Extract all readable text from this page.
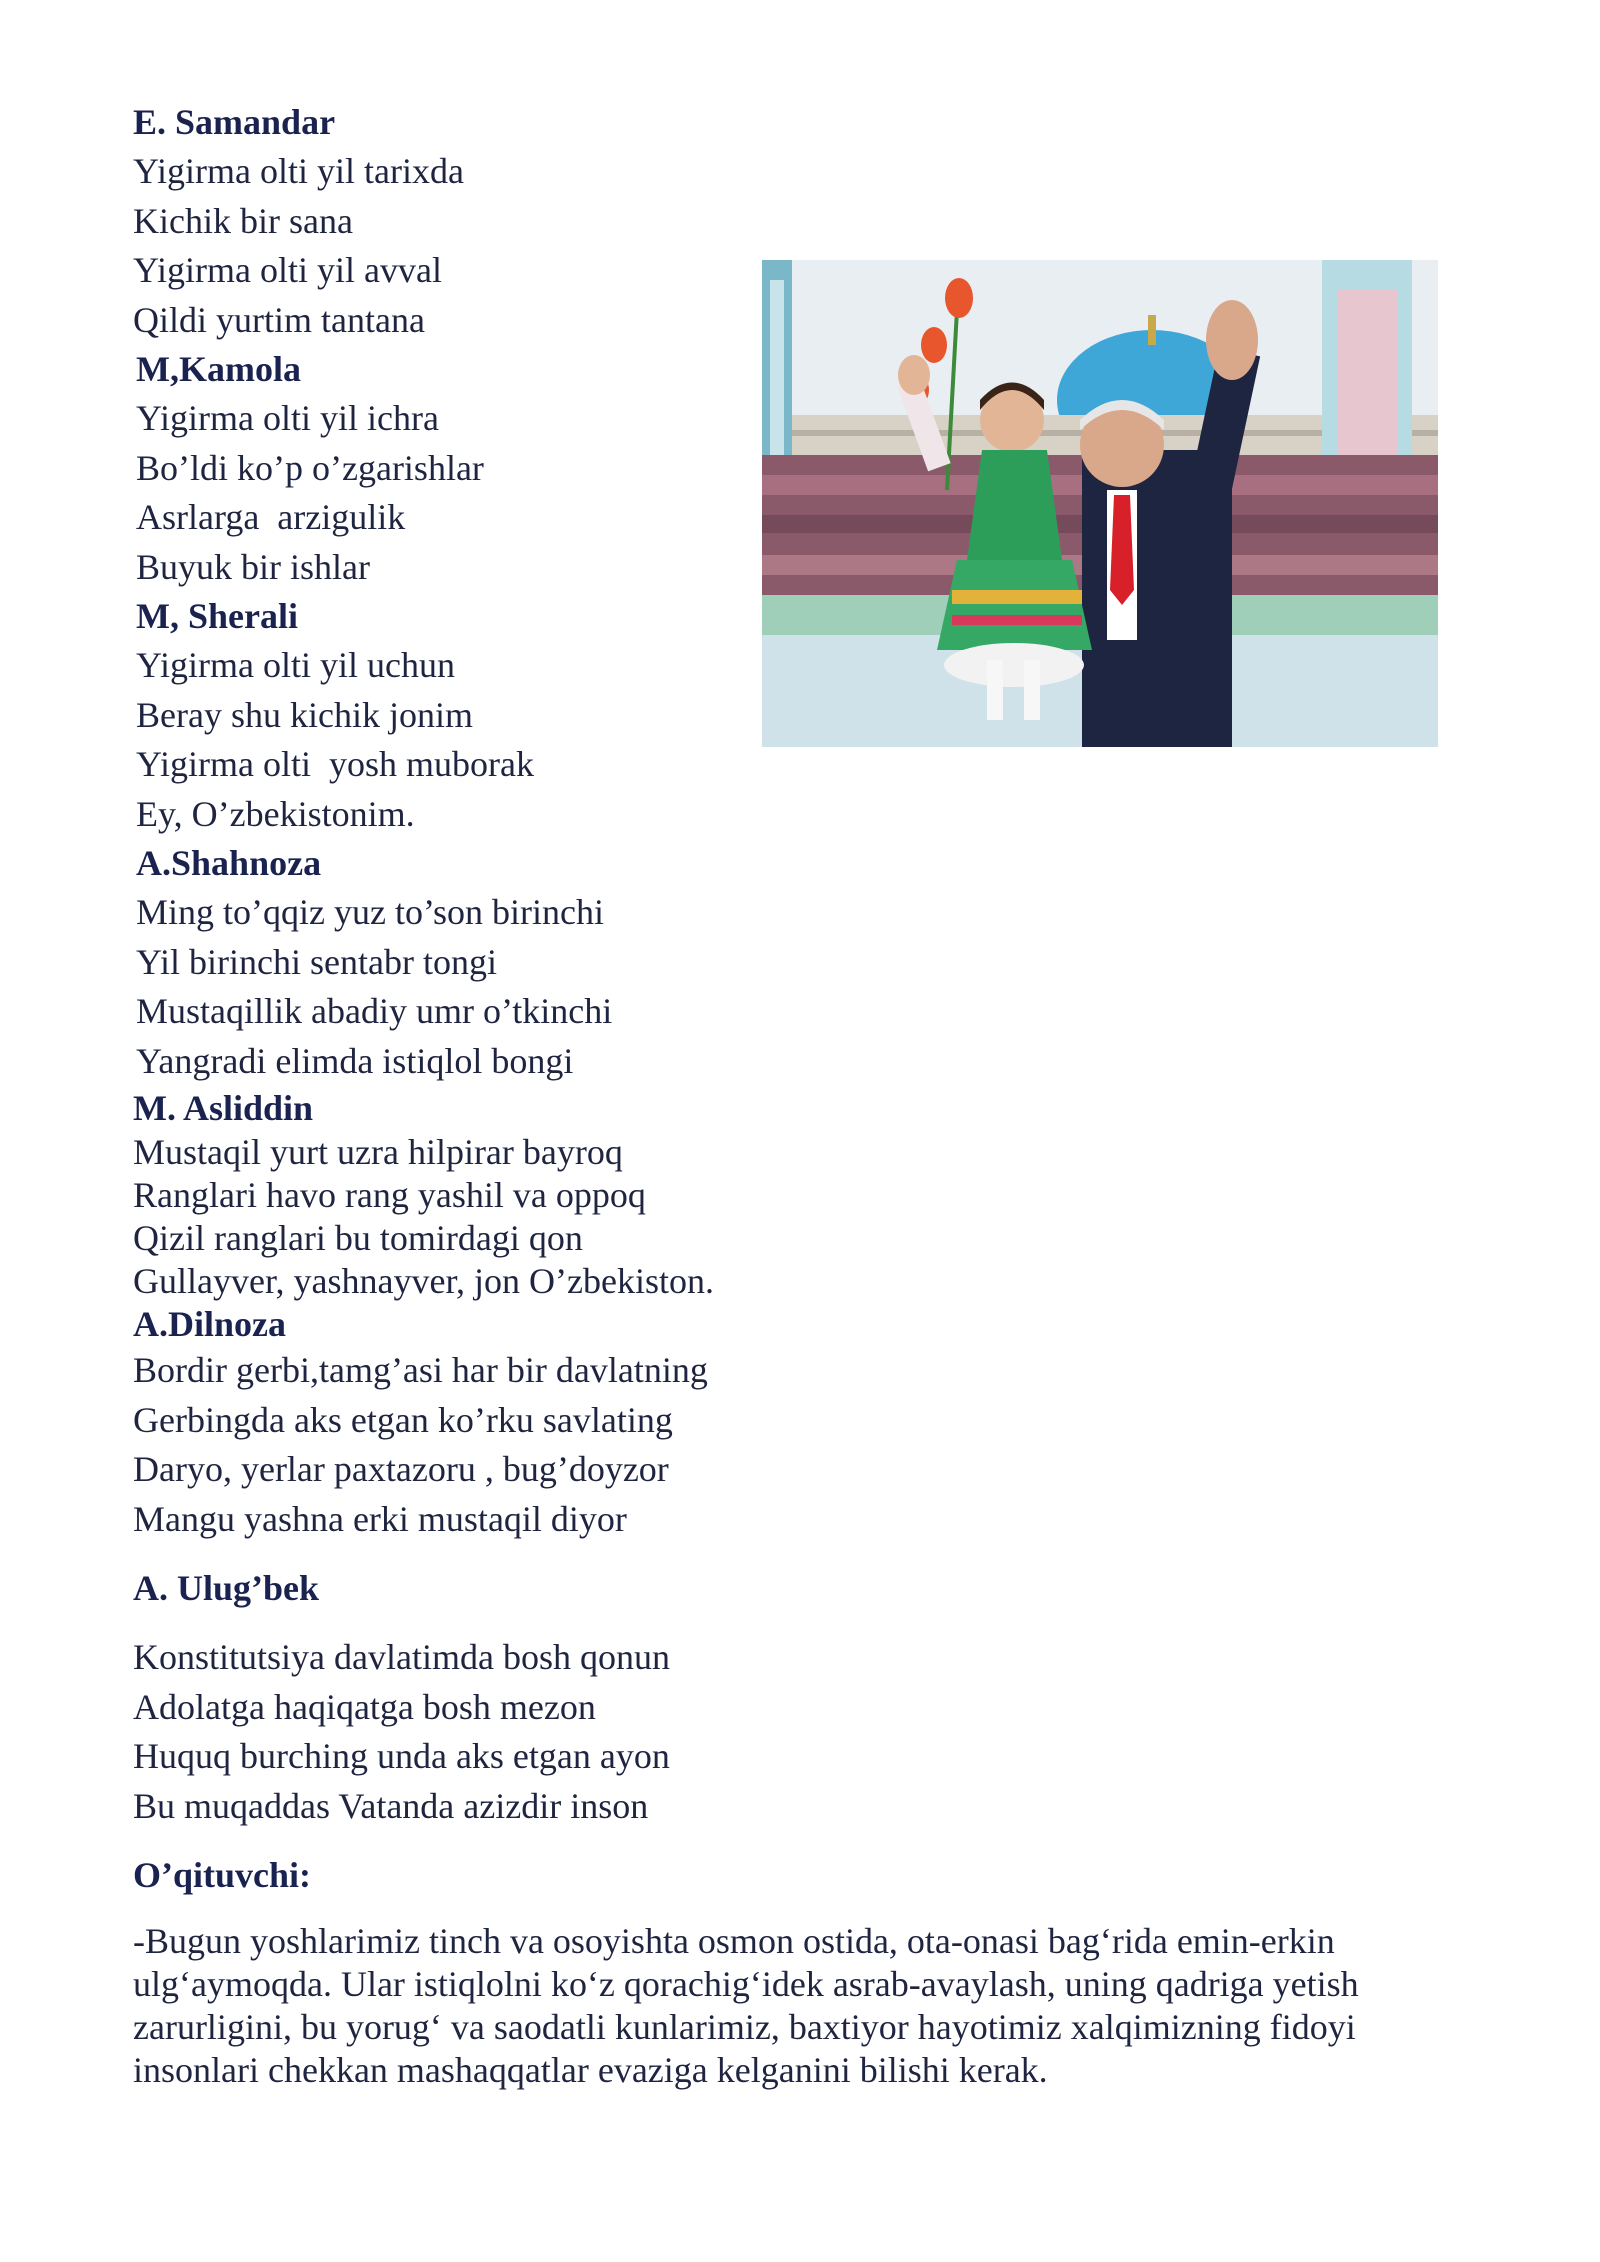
E. Samandar

Yigirma olti yil tarixda

Kichik bir sana

Yigirma olti yil avval

Qildi yurtim tantana

M,Kamola

Yigirma olti yil ichra

Bo’ldi ko’p o’zgarishlar

Asrlarga  arzigulik

Buyuk bir ishlar

M, Sherali

Yigirma olti yil uchun

Beray shu kichik jonim

Yigirma olti  yosh muborak

Ey, O’zbekistonim.

A.Shahnoza

Ming to’qqiz yuz to’son birinchi

Yil birinchi sentabr tongi

Mustaqillik abadiy umr o’tkinchi

Yangradi elimda istiqlol bongi

M. Asliddin

Mustaqil yurt uzra hilpirar bayroq

Ranglari havo rang yashil va oppoq

Qizil ranglari bu tomirdagi qon

Gullayver, yashnayver, jon O’zbekiston.

A.Dilnoza

Bordir gerbi,tamg’asi har bir davlatning

Gerbingda aks etgan ko’rku savlating

Daryo, yerlar paxtazoru , bug’doyzor

Mangu yashna erki mustaqil diyor

A. Ulug’bek

Konstitutsiya davlatimda bosh qonun

Adolatga haqiqatga bosh mezon

Huquq burching unda aks etgan ayon

Bu muqaddas Vatanda azizdir inson

O’qituvchi:

-Bugun yoshlarimiz tinch va osoyishta osmon ostida, ota-onasi bag‘rida emin-erkin ulg‘aymoqda. Ular istiqlolni ko‘z qorachig‘idek asrab-avaylash, uning qadriga yetish zarurligini, bu yorug‘ va saodatli kunlarimiz, baxtiyor hayotimiz xalqimizning fidoyi insonlari chekkan mashaqqatlar evaziga kelganini bilishi kerak.
